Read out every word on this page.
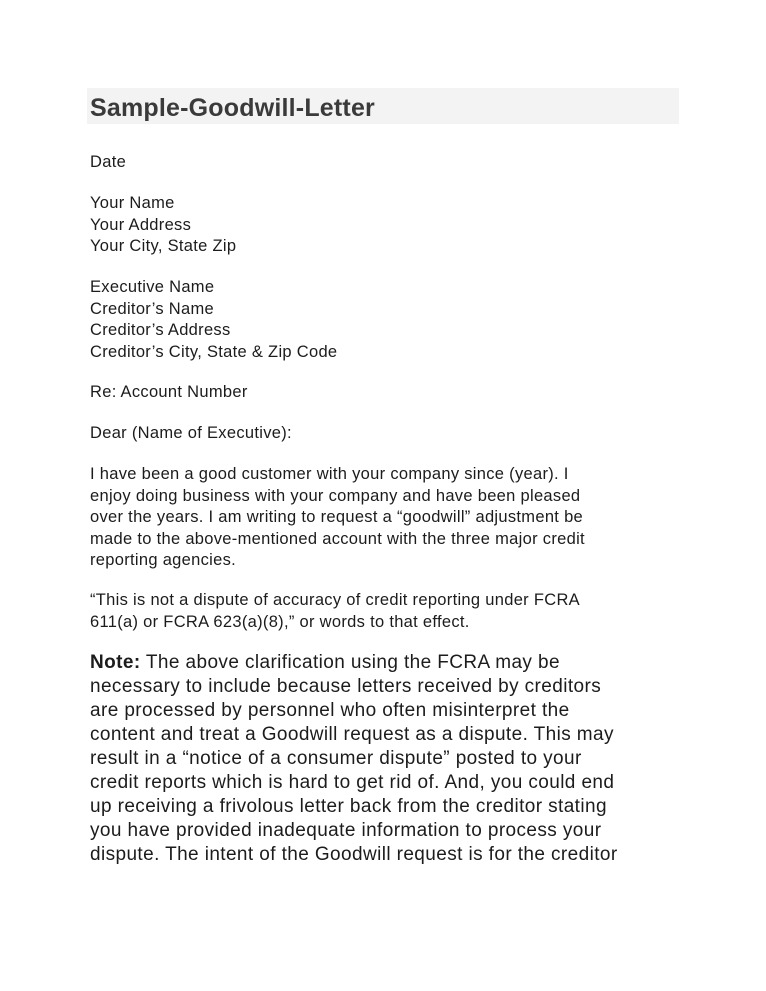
Sample-Goodwill-Letter

Date

Your Name

Your Address

Your City, State Zip

Executive Name

Creditor’s Name

Creditor’s Address

Creditor’s City, State & Zip Code

Re: Account Number

Dear (Name of Executive):

I have been a good customer with your company since (year). I

enjoy doing business with your company and have been pleased

over the years. I am writing to request a “goodwill” adjustment be

made to the above-mentioned account with the three major credit

reporting agencies.

“This is not a dispute of accuracy of credit reporting under FCRA

611(a) or FCRA 623(a)(8),” or words to that effect.

Note: The above clarification using the FCRA may be

necessary to include because letters received by creditors

are processed by personnel who often misinterpret the

content and treat a Goodwill request as a dispute. This may

result in a “notice of a consumer dispute” posted to your

credit reports which is hard to get rid of. And, you could end

up receiving a frivolous letter back from the creditor stating

you have provided inadequate information to process your

dispute. The intent of the Goodwill request is for the creditor
